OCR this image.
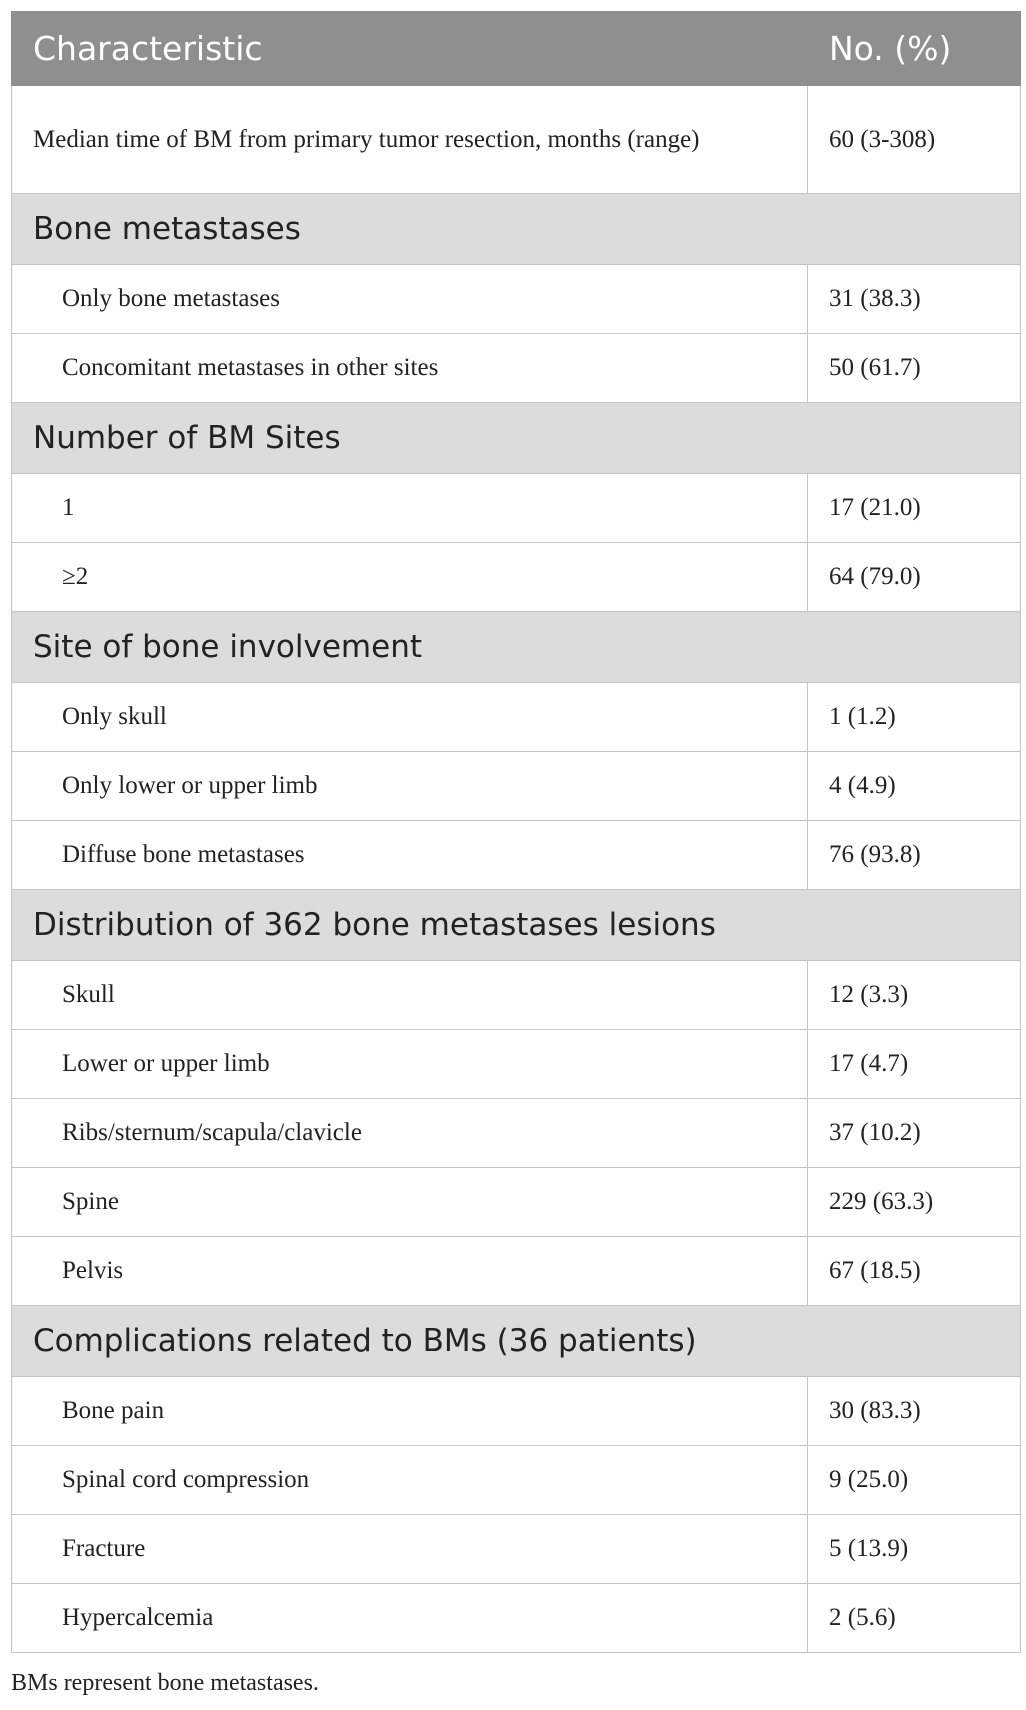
Characteristic	No. (%)
Median time of BM from primary tumor resection, months (range)	60 (3-308)
Bone metastases	
Only bone metastases	31 (38.3)
Concomitant metastases in other sites	50 (61.7)
Number of BM Sites	
1	17 (21.0)
≥2	64 (79.0)
Site of bone involvement	
Only skull	1 (1.2)
Only lower or upper limb	4 (4.9)
Diffuse bone metastases	76 (93.8)
Distribution of 362 bone metastases lesions	
Skull	12 (3.3)
Lower or upper limb	17 (4.7)
Ribs/sternum/scapula/clavicle	37 (10.2)
Spine	229 (63.3)
Pelvis	67 (18.5)
Complications related to BMs (36 patients)	
Bone pain	30 (83.3)
Spinal cord compression	9 (25.0)
Fracture	5 (13.9)
Hypercalcemia	2 (5.6)
BMs represent bone metastases.
